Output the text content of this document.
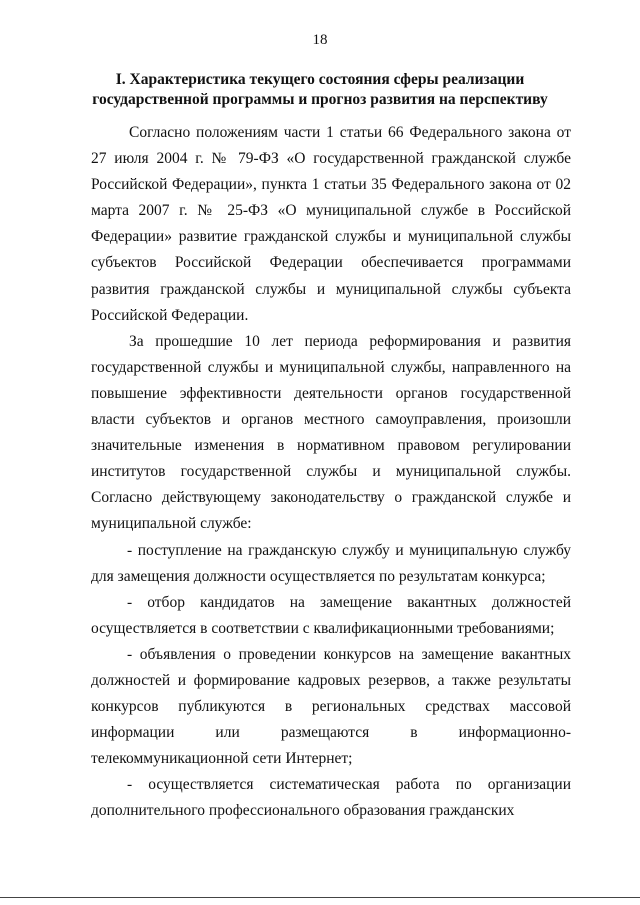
18
I. Характеристика текущего состояния сферы реализации
государственной программы и прогноз развития на перспективу

Согласно положениям части 1 статьи 66 Федерального закона от 27 июля 2004 г. № 79-ФЗ «О государственной гражданской службе Российской Федерации», пункта 1 статьи 35 Федерального закона от 02 марта 2007 г. № 25-ФЗ «О муниципальной службе в Российской Федерации» развитие гражданской службы и муниципальной службы субъектов Российской Федерации обеспечивается программами развития гражданской службы и муниципальной службы субъекта Российской Федерации.

За прошедшие 10 лет периода реформирования и развития государственной службы и муниципальной службы, направленного на повышение эффективности деятельности органов государственной власти субъектов и органов местного самоуправления, произошли значительные изменения в нормативном правовом регулировании институтов государственной службы и муниципальной службы. Согласно действующему законодательству о гражданской службе и муниципальной службе:

- поступление на гражданскую службу и муниципальную службу для замещения должности осуществляется по результатам конкурса;

- отбор кандидатов на замещение вакантных должностей осуществляется в соответствии с квалификационными требованиями;

- объявления о проведении конкурсов на замещение вакантных должностей и формирование кадровых резервов, а также результаты конкурсов публикуются в региональных средствах массовой информации или размещаются в информационно-телекоммуникационной сети Интернет;

- осуществляется систематическая работа по организации дополнительного профессионального образования гражданских
